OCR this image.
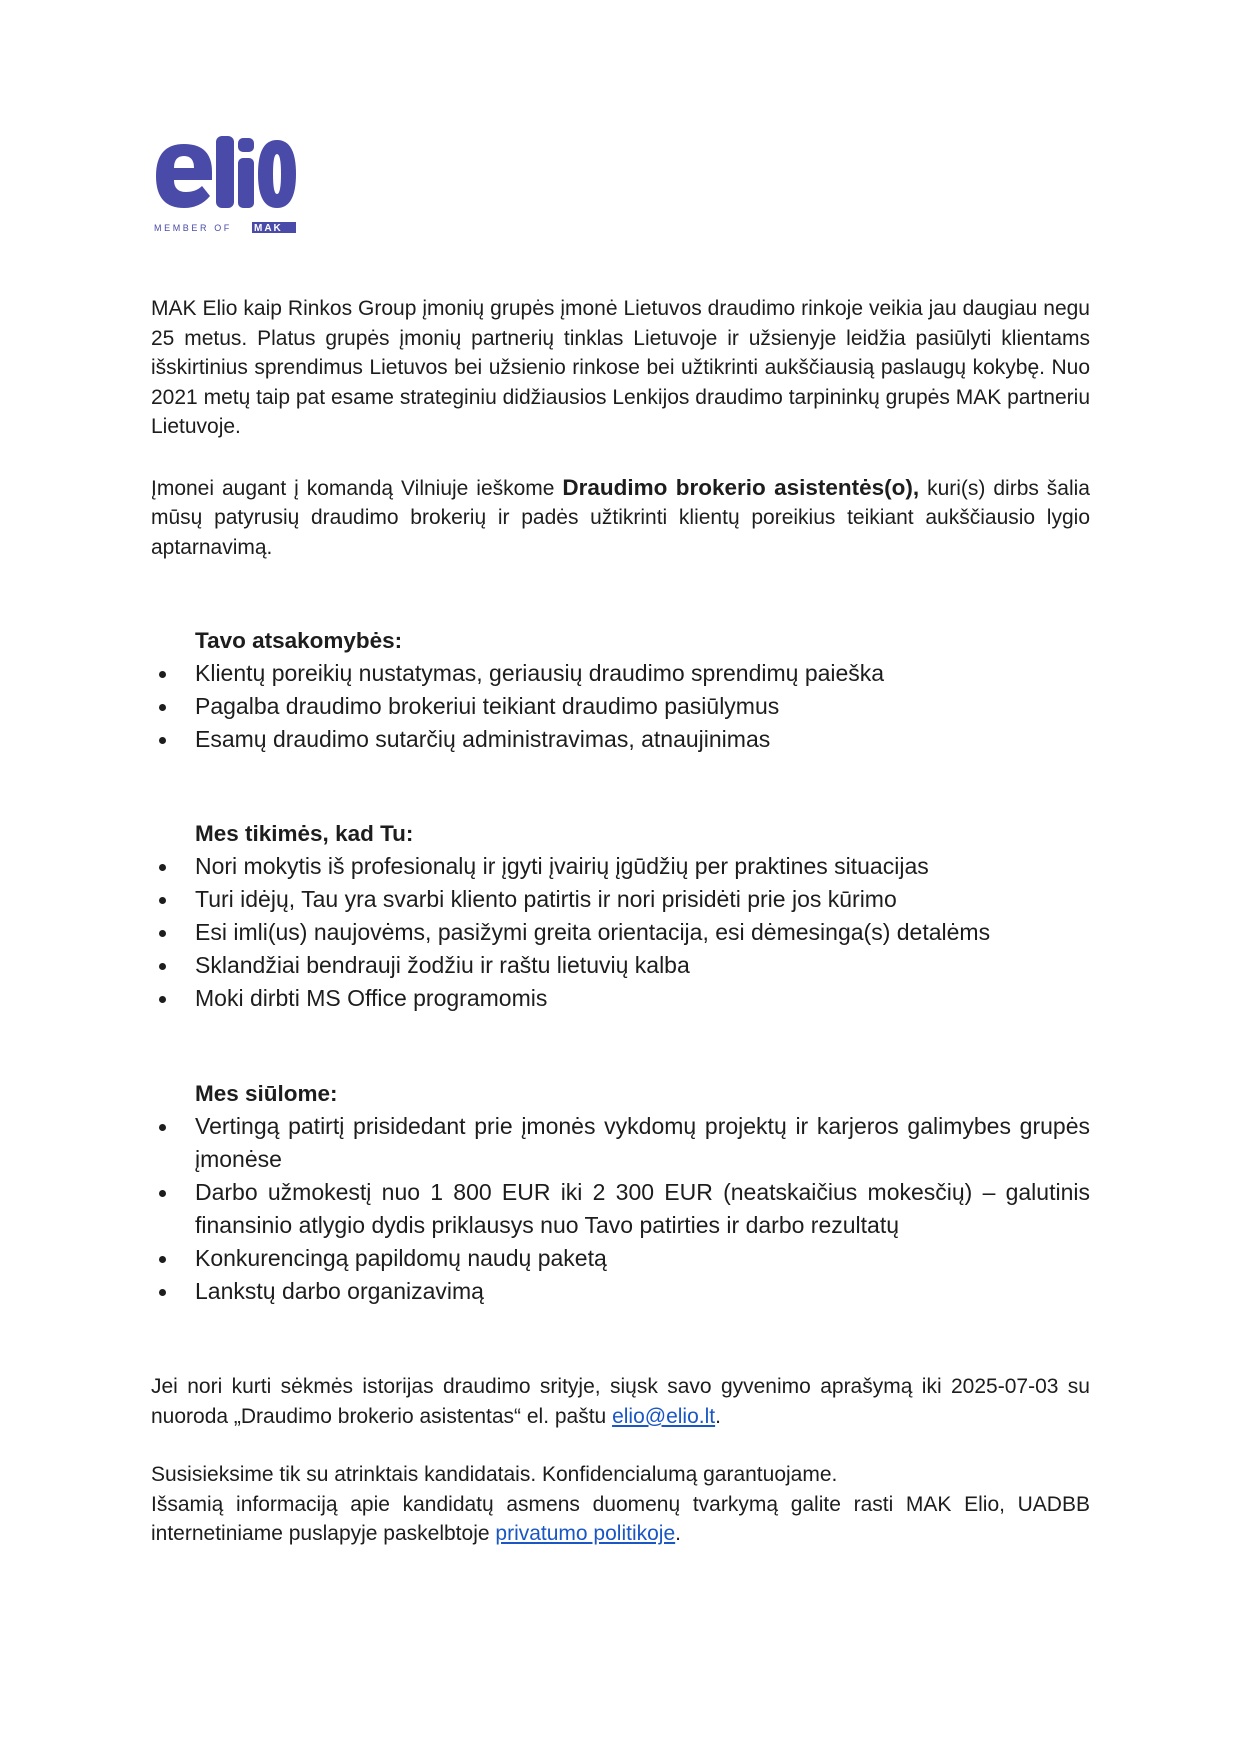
MEMBER OF MAK

MAK Elio kaip Rinkos Group įmonių grupės įmonė Lietuvos draudimo rinkoje veikia jau daugiau negu 25 metus. Platus grupės įmonių partnerių tinklas Lietuvoje ir užsienyje leidžia pasiūlyti klientams išskirtinius sprendimus Lietuvos bei užsienio rinkose bei užtikrinti aukščiausią paslaugų kokybę. Nuo 2021 metų taip pat esame strateginiu didžiausios Lenkijos draudimo tarpininkų grupės MAK partneriu Lietuvoje.

Įmonei augant į komandą Vilniuje ieškome Draudimo brokerio asistentės(o), kuri(s) dirbs šalia mūsų patyrusių draudimo brokerių ir padės užtikrinti klientų poreikius teikiant aukščiausio lygio aptarnavimą.

Tavo atsakomybės:

Klientų poreikių nustatymas, geriausių draudimo sprendimų paieška
Pagalba draudimo brokeriui teikiant draudimo pasiūlymus
Esamų draudimo sutarčių administravimas, atnaujinimas

Mes tikimės, kad Tu:

Nori mokytis iš profesionalų ir įgyti įvairių įgūdžių per praktines situacijas
Turi idėjų, Tau yra svarbi kliento patirtis ir nori prisidėti prie jos kūrimo
Esi imli(us) naujovėms, pasižymi greita orientacija, esi dėmesinga(s) detalėms
Sklandžiai bendrauji žodžiu ir raštu lietuvių kalba
Moki dirbti MS Office programomis

Mes siūlome:

Vertingą patirtį prisidedant prie įmonės vykdomų projektų ir karjeros galimybes grupės įmonėse
Darbo užmokestį nuo 1 800 EUR iki 2 300 EUR (neatskaičius mokesčių) – galutinis finansinio atlygio dydis priklausys nuo Tavo patirties ir darbo rezultatų
Konkurencingą papildomų naudų paketą
Lankstų darbo organizavimą

Jei nori kurti sėkmės istorijas draudimo srityje, siųsk savo gyvenimo aprašymą iki 2025-07-03 su nuoroda „Draudimo brokerio asistentas“ el. paštu elio@elio.lt.

Susisieksime tik su atrinktais kandidatais. Konfidencialumą garantuojame.

Išsamią informaciją apie kandidatų asmens duomenų tvarkymą galite rasti MAK Elio, UADBB internetiniame puslapyje paskelbtoje privatumo politikoje.
